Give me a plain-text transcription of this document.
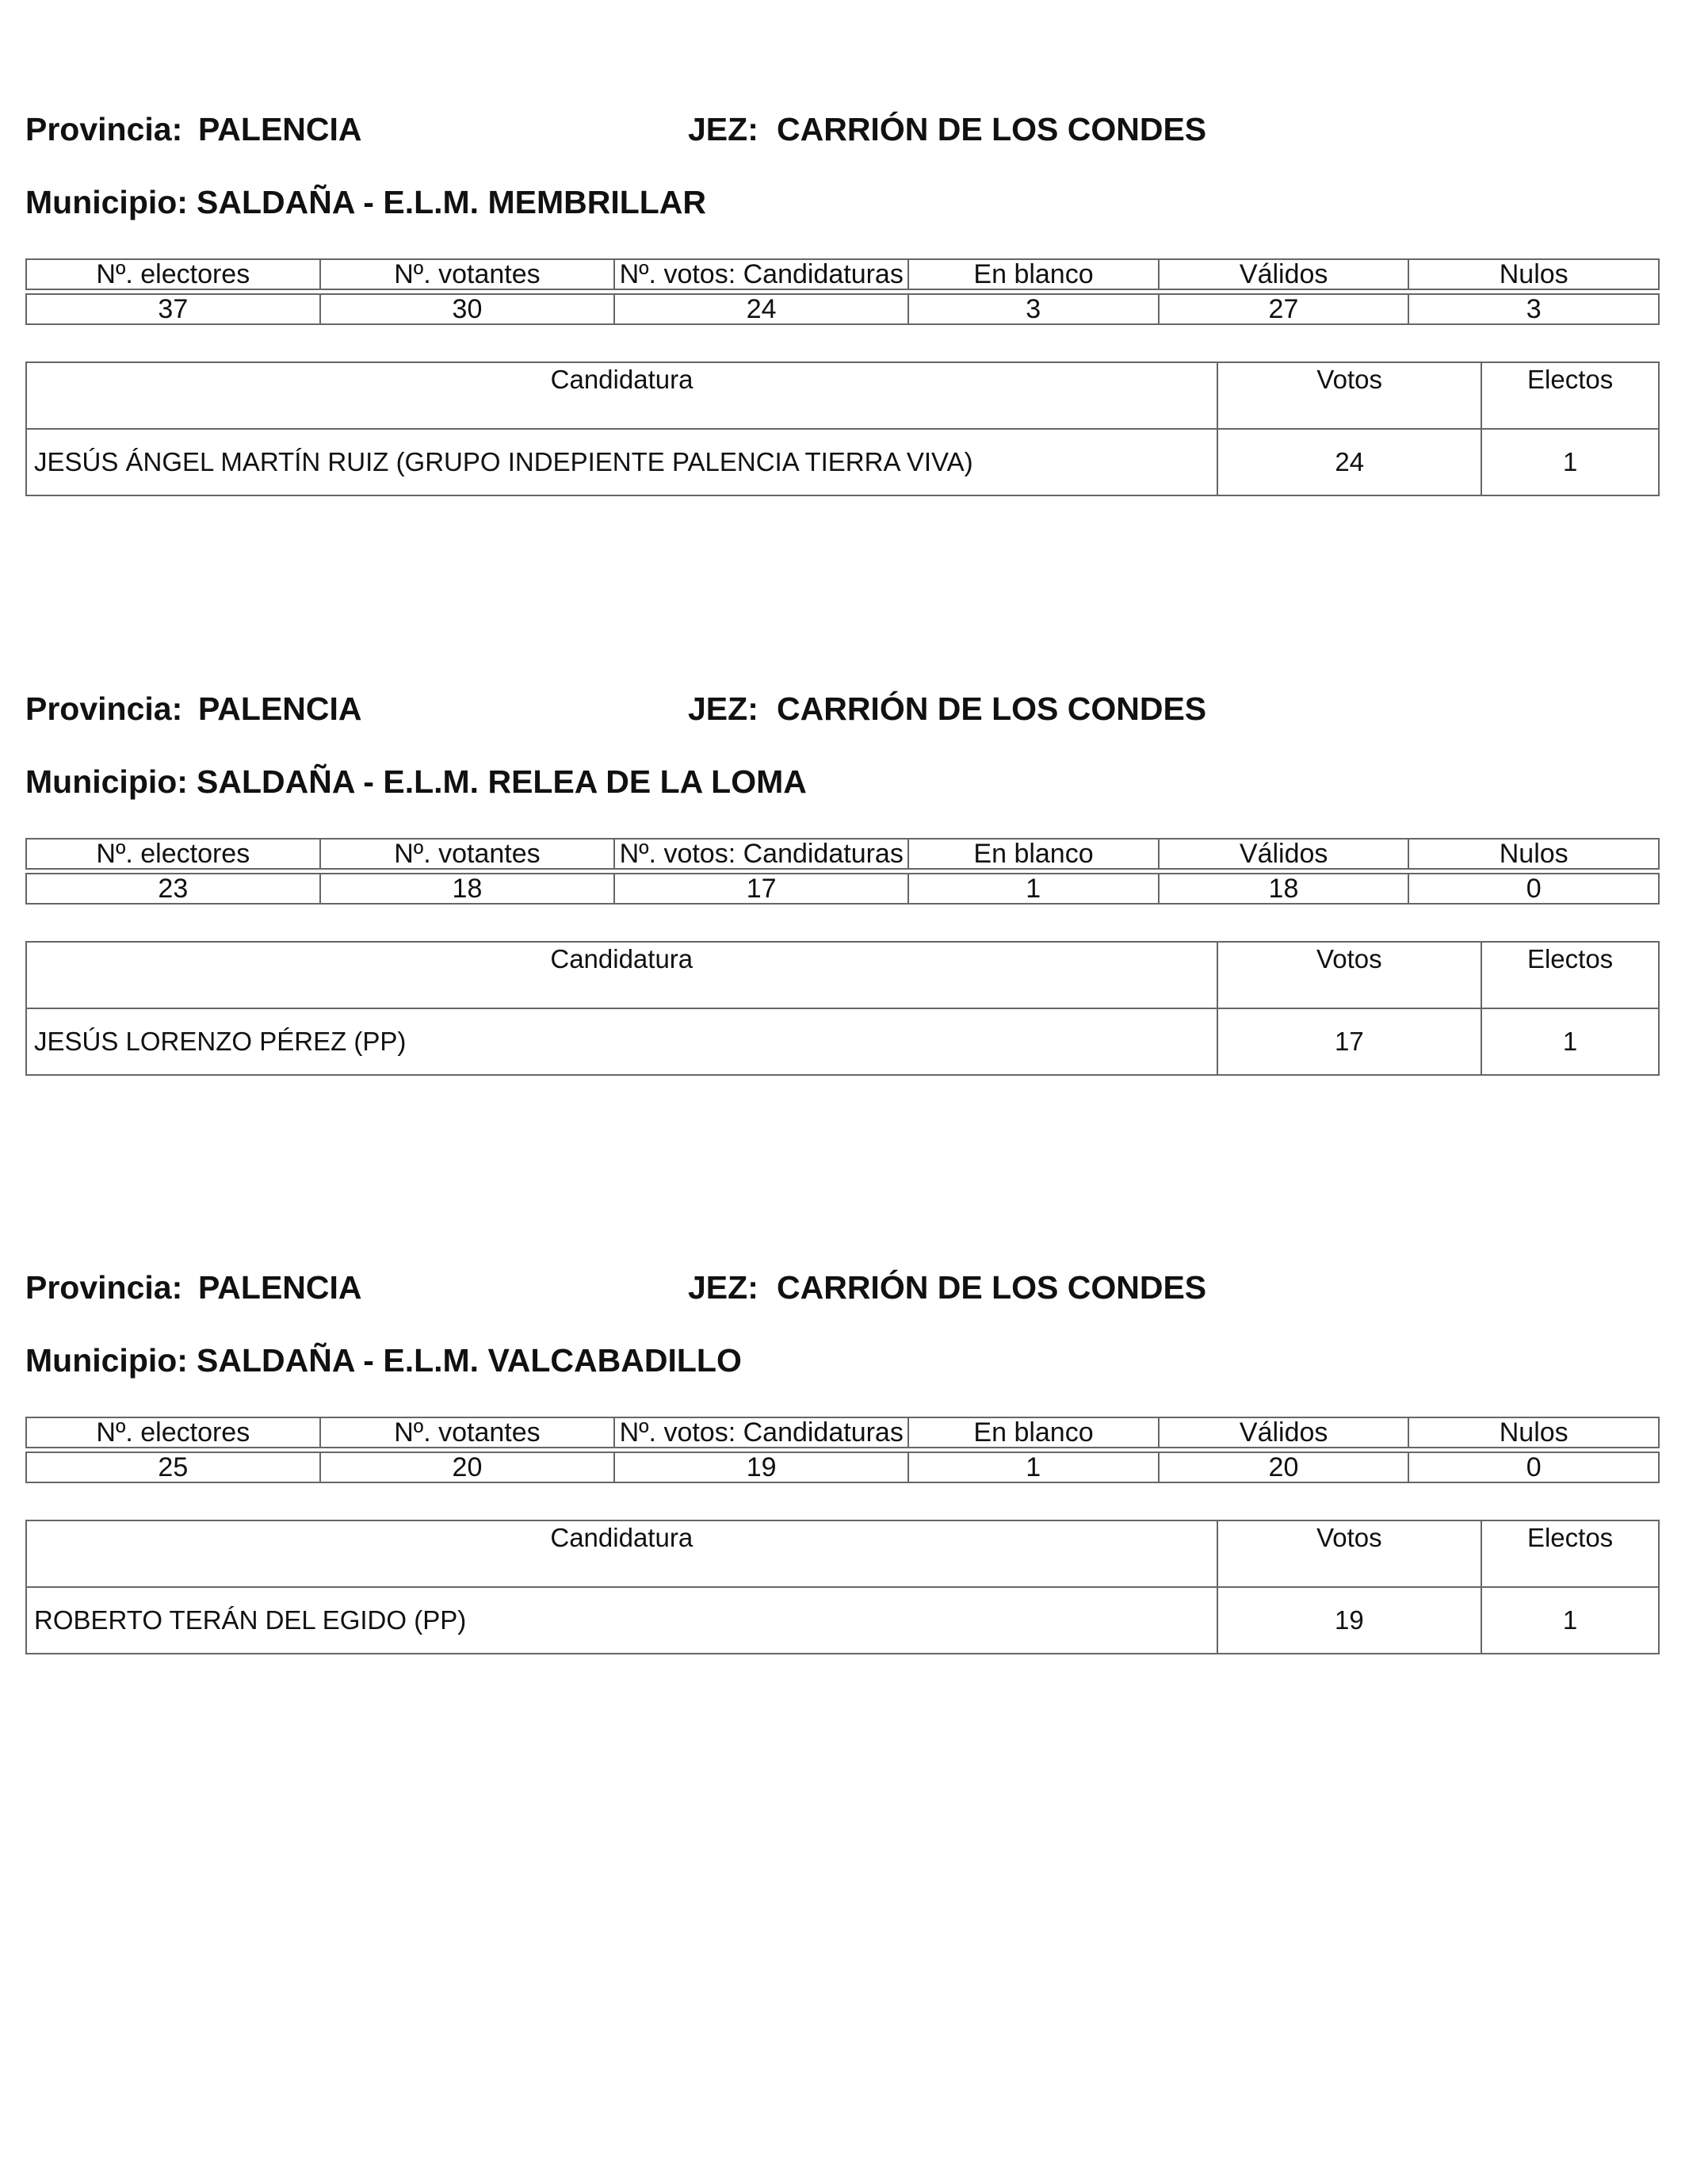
Provincia: PALENCIA	JEZ: CARRIÓN DE LOS CONDES
Municipio: SALDAÑA - E.L.M. MEMBRILLAR
Nº. electores	Nº. votantes	Nº. votos: Candidaturas	En blanco	Válidos	Nulos
37	30	24	3	27	3
Candidatura	Votos	Electos
JESÚS ÁNGEL MARTÍN RUIZ (GRUPO INDEPIENTE PALENCIA TIERRA VIVA)	24	1
Provincia: PALENCIA	JEZ: CARRIÓN DE LOS CONDES
Municipio: SALDAÑA - E.L.M. RELEA DE LA LOMA
Nº. electores	Nº. votantes	Nº. votos: Candidaturas	En blanco	Válidos	Nulos
23	18	17	1	18	0
Candidatura	Votos	Electos
JESÚS LORENZO PÉREZ (PP)	17	1
Provincia: PALENCIA	JEZ: CARRIÓN DE LOS CONDES
Municipio: SALDAÑA - E.L.M. VALCABADILLO
Nº. electores	Nº. votantes	Nº. votos: Candidaturas	En blanco	Válidos	Nulos
25	20	19	1	20	0
Candidatura	Votos	Electos
ROBERTO TERÁN DEL EGIDO (PP)	19	1
